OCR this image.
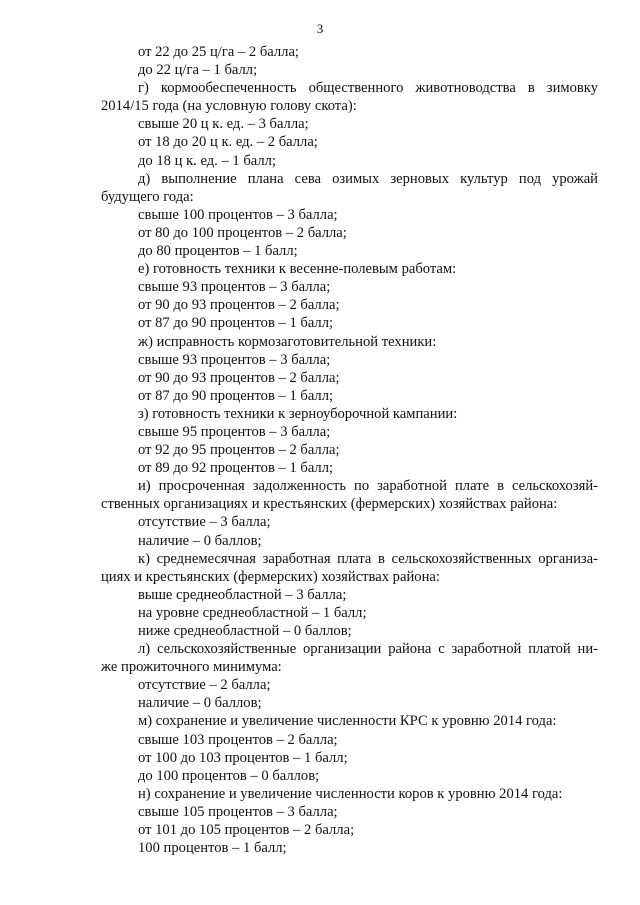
3
от 22 до 25 ц/га – 2 балла;
до 22 ц/га – 1 балл;
г) кормообеспеченность общественного животноводства в зимовку
2014/15 года (на условную голову скота):
свыше 20 ц к. ед. – 3 балла;
от 18 до 20 ц к. ед. – 2 балла;
до 18 ц к. ед. – 1 балл;
д) выполнение плана сева озимых зерновых культур под урожай
будущего года:
свыше 100 процентов – 3 балла;
от 80 до 100 процентов – 2 балла;
до 80 процентов – 1 балл;
е) готовность техники к весенне-полевым работам:
свыше 93 процентов – 3 балла;
от 90 до 93 процентов – 2 балла;
от 87 до 90 процентов – 1 балл;
ж) исправность кормозаготовительной техники:
свыше 93 процентов – 3 балла;
от 90 до 93 процентов – 2 балла;
от 87 до 90 процентов – 1 балл;
з) готовность техники к зерноуборочной кампании:
свыше 95 процентов – 3 балла;
от 92 до 95 процентов – 2 балла;
от 89 до 92 процентов – 1 балл;
и) просроченная задолженность по заработной плате в сельскохозяй-
ственных организациях и крестьянских (фермерских) хозяйствах района:
отсутствие – 3 балла;
наличие – 0 баллов;
к) среднемесячная заработная плата в сельскохозяйственных организа-
циях и крестьянских (фермерских) хозяйствах района:
выше среднеобластной – 3 балла;
на уровне среднеобластной – 1 балл;
ниже среднеобластной – 0 баллов;
л) сельскохозяйственные организации района с заработной платой ни-
же прожиточного минимума:
отсутствие – 2 балла;
наличие – 0 баллов;
м) сохранение и увеличение численности КРС к уровню 2014 года:
свыше 103 процентов – 2 балла;
от 100 до 103 процентов – 1 балл;
до 100 процентов – 0 баллов;
н) сохранение и увеличение численности коров к уровню 2014 года:
свыше 105 процентов – 3 балла;
от 101 до 105 процентов – 2 балла;
100 процентов – 1 балл;
